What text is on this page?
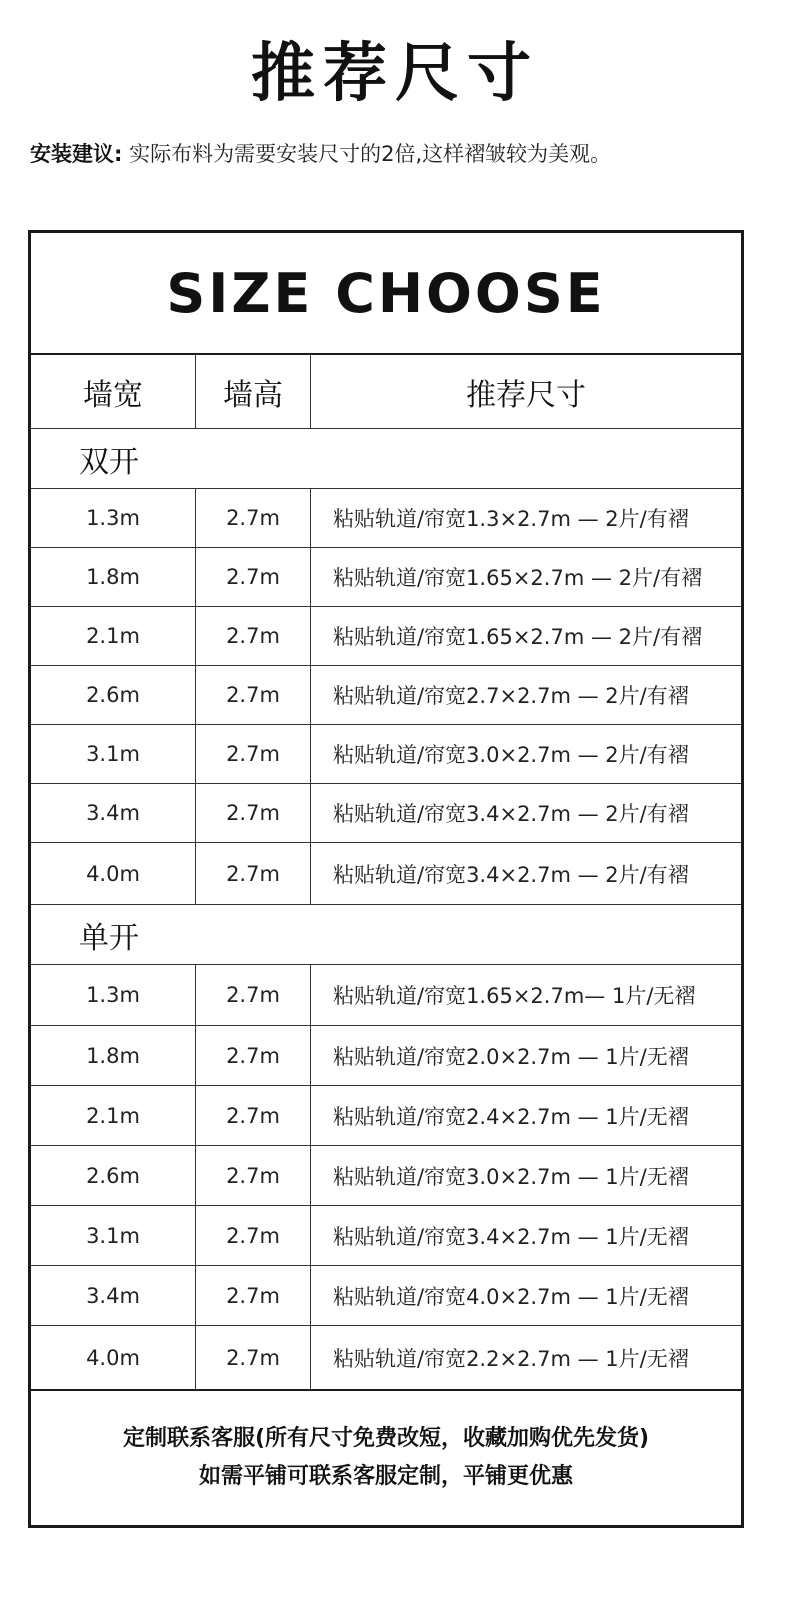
推荐尺寸
安装建议: 实际布料为需要安装尺寸的2倍,这样褶皱较为美观。
SIZE CHOOSE
墙宽	墙高	推荐尺寸
双开
1.3m	2.7m	粘贴轨道/帘宽1.3×2.7m — 2片/有褶
1.8m	2.7m	粘贴轨道/帘宽1.65×2.7m — 2片/有褶
2.1m	2.7m	粘贴轨道/帘宽1.65×2.7m — 2片/有褶
2.6m	2.7m	粘贴轨道/帘宽2.7×2.7m — 2片/有褶
3.1m	2.7m	粘贴轨道/帘宽3.0×2.7m — 2片/有褶
3.4m	2.7m	粘贴轨道/帘宽3.4×2.7m — 2片/有褶
4.0m	2.7m	粘贴轨道/帘宽3.4×2.7m — 2片/有褶
单开
1.3m	2.7m	粘贴轨道/帘宽1.65×2.7m— 1片/无褶
1.8m	2.7m	粘贴轨道/帘宽2.0×2.7m — 1片/无褶
2.1m	2.7m	粘贴轨道/帘宽2.4×2.7m — 1片/无褶
2.6m	2.7m	粘贴轨道/帘宽3.0×2.7m — 1片/无褶
3.1m	2.7m	粘贴轨道/帘宽3.4×2.7m — 1片/无褶
3.4m	2.7m	粘贴轨道/帘宽4.0×2.7m — 1片/无褶
4.0m	2.7m	粘贴轨道/帘宽2.2×2.7m — 1片/无褶
定制联系客服(所有尺寸免费改短，收藏加购优先发货)
如需平铺可联系客服定制，平铺更优惠
